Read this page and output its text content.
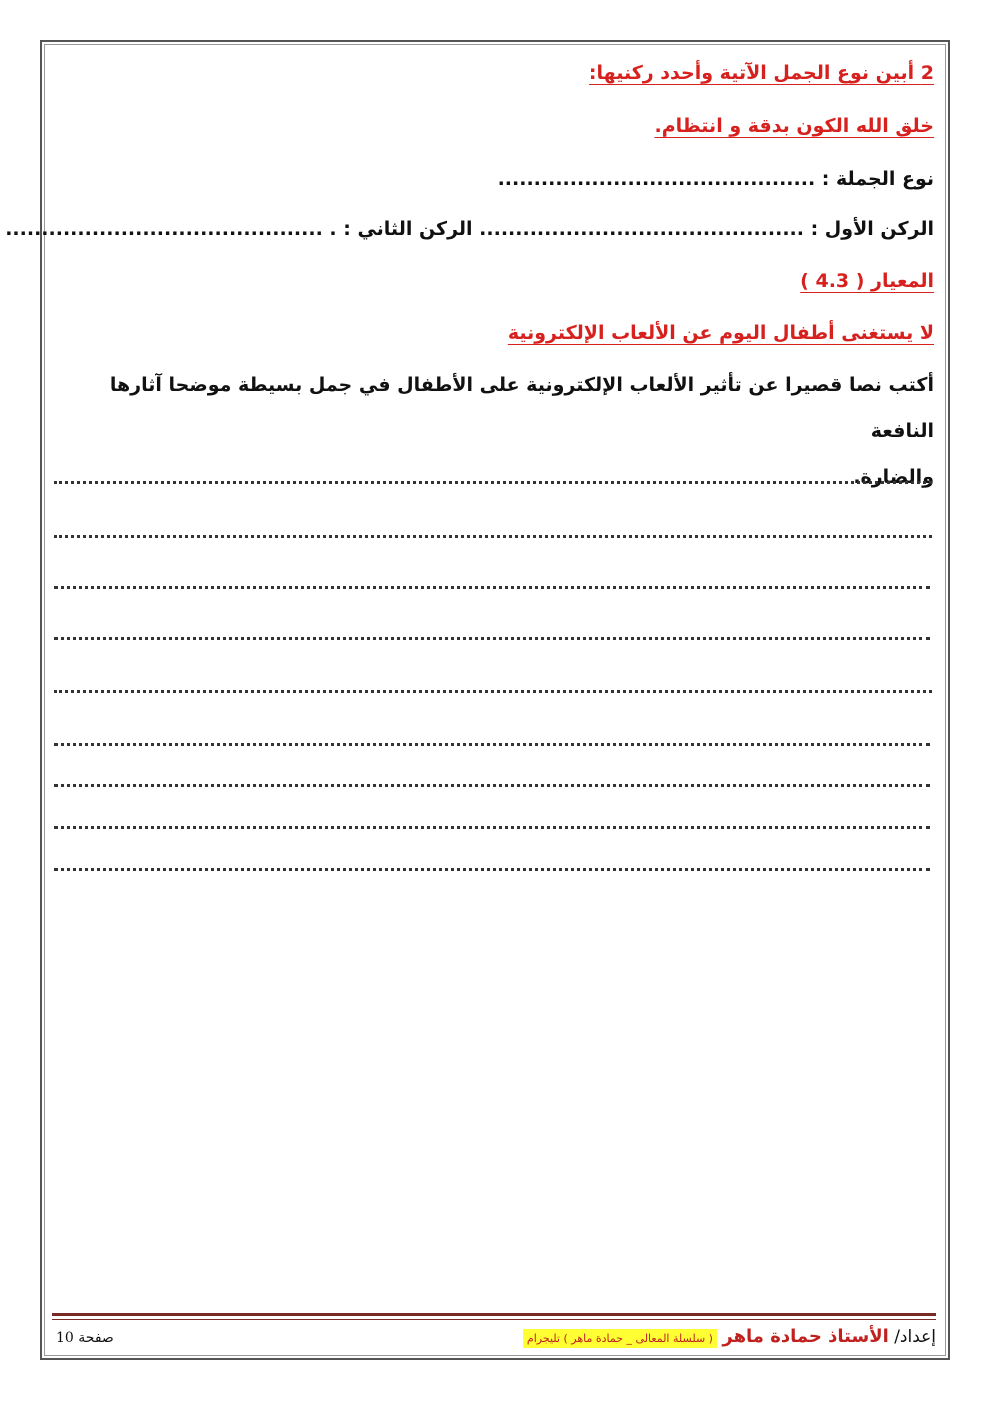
2 أبين نوع الجمل الآتية وأحدد ركنيها:
خلق الله الكون بدقة و انتظام.
نوع الجملة : ............................................
الركن الأول : ............................................. الركن الثاني : . ............................................
المعيار ( 4.3 )
لا يستغنى أطفال اليوم عن الألعاب الإلكترونية
أكتب نصا قصيرا عن تأثير الألعاب الإلكترونية على الأطفال في جمل بسيطة موضحا آثارها النافعة
والضارة.
إعداد/ الأستاذ حمادة ماهر ( سلسلة المعالى _ حمادة ماهر ) تليجرام
صفحة 10
